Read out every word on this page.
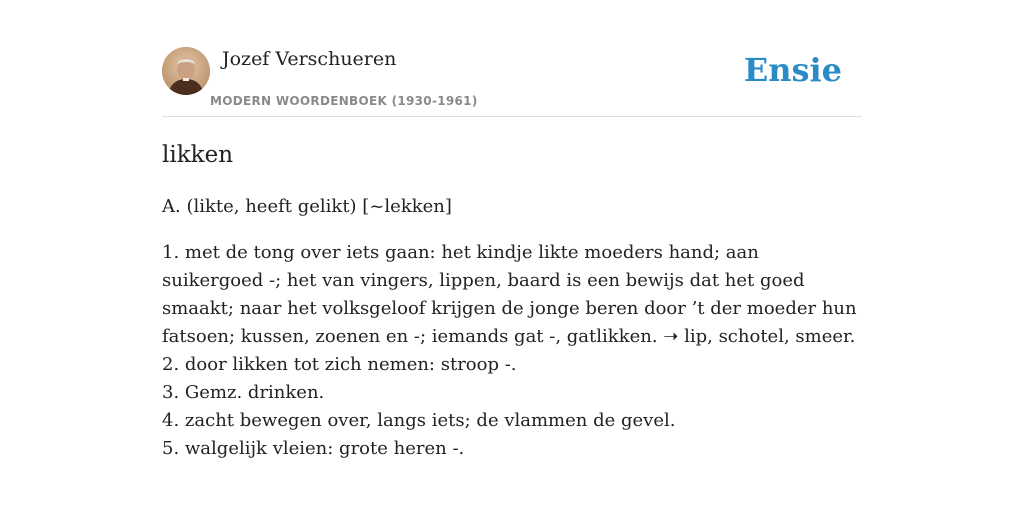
Jozef Verschueren
MODERN WOORDENBOEK (1930-1961)
Ensie
likken

A. (likte, heeft gelikt) [~lekken]

1. met de tong over iets gaan: het kindje likte moeders hand; aan suikergoed -; het van vingers, lippen, baard is een bewijs dat het goed smaakt; naar het volksgeloof krijgen de jonge beren door ’t der moeder hun fatsoen; kussen, zoenen en -; iemands gat -, gatlikken. ➝ lip, schotel, smeer.
2. door likken tot zich nemen: stroop -.
3. Gemz. drinken.
4. zacht bewegen over, langs iets; de vlammen de gevel.
5. walgelijk vleien: grote heren -.
